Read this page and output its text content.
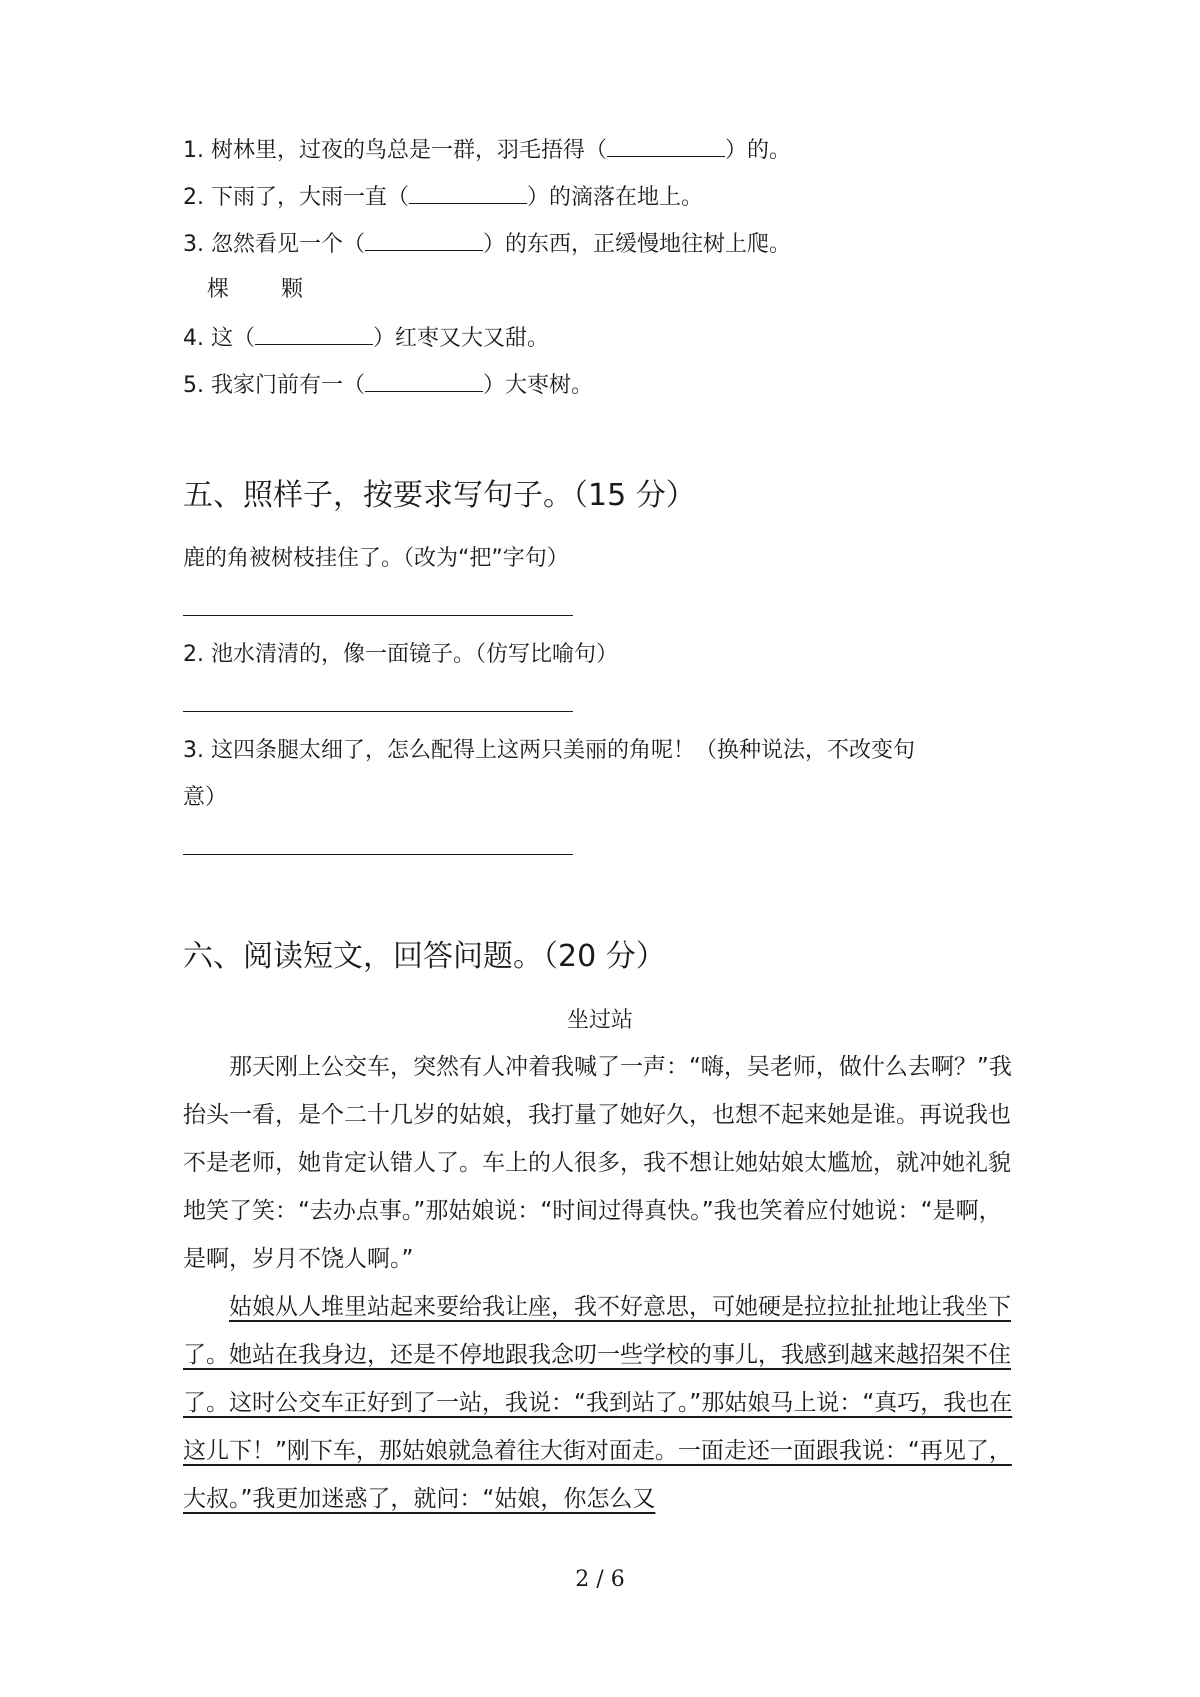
1. 树林里，过夜的鸟总是一群，羽毛捂得（	）的。
2. 下雨了，大雨一直（	）的滴落在地上。
3. 忽然看见一个（	）的东西，正缓慢地往树上爬。
棵 颗
4. 这（	）红枣又大又甜。
5. 我家门前有一（	）大枣树。
五、照样子，按要求写句子。（15 分）
鹿的角被树枝挂住了。（改为“把”字句）
2. 池水清清的，像一面镜子。（仿写比喻句）
3. 这四条腿太细了，怎么配得上这两只美丽的角呢！（换种说法，不改变句
意）
六、阅读短文，回答问题。（20 分）
坐过站

那天刚上公交车，突然有人冲着我喊了一声：“嗨，吴老师，做什么去啊？”我抬头一看，是个二十几岁的姑娘，我打量了她好久，也想不起来她是谁。再说我也不是老师，她肯定认错人了。车上的人很多，我不想让她姑娘太尴尬，就冲她礼貌地笑了笑：“去办点事。”那姑娘说：“时间过得真快。”我也笑着应付她说：“是啊，是啊，岁月不饶人啊。”

姑娘从人堆里站起来要给我让座，我不好意思，可她硬是拉拉扯扯地让我坐下了。她站在我身边，还是不停地跟我念叨一些学校的事儿，我感到越来越招架不住了。这时公交车正好到了一站，我说：“我到站了。”那姑娘马上说：“真巧，我也在这儿下！”刚下车，那姑娘就急着往大街对面走。一面走还一面跟我说：“再见了，大叔。”我更加迷惑了，就问：“姑娘，你怎么又

2 / 6
